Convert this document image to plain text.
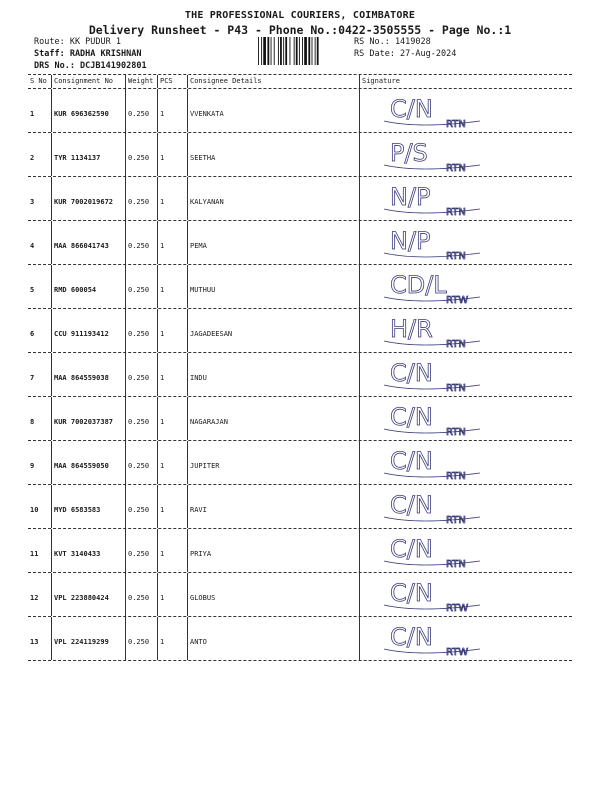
THE PROFESSIONAL COURIERS, COIMBATORE
Delivery Runsheet - P43 - Phone No.:0422-3505555 - Page No.:1
Route: KK PUDUR 1
Staff: RADHA KRISHNAN
DRS No.: DCJB141902801
RS No.: 1419028
RS Date: 27-Aug-2024
S No	Consignment No	Weight PCS	Consignee Details	Signature
1	KUR 696362590	0.250	1	VVENKATA	C/N
RTN
2	TYR 1134137	0.250	1	SEETHA	P/S
RTN
3	KUR 7002019672	0.250	1	KALYANAN	N/P
RTN
4	MAA 866041743	0.250	1	PEMA	N/P
RTN
5	RMD 600054	0.250	1	MUTHUU	CD/L
RTW
6	CCU 911193412	0.250	1	JAGADEESAN	H/R
RTN
7	MAA 864559038	0.250	1	INDU	C/N
RTN
8	KUR 7002037387	0.250	1	NAGARAJAN	C/N
RTN
9	MAA 864559050	0.250	1	JUPITER	C/N
RTN
10	MYD 6583583	0.250	1	RAVI	C/N
RTN
11	KVT 3140433	0.250	1	PRIYA	C/N
RTN
12	VPL 223880424	0.250	1	GLOBUS	C/N
RTW
13	VPL 224119299	0.250	1	ANTO	C/N
RTW
